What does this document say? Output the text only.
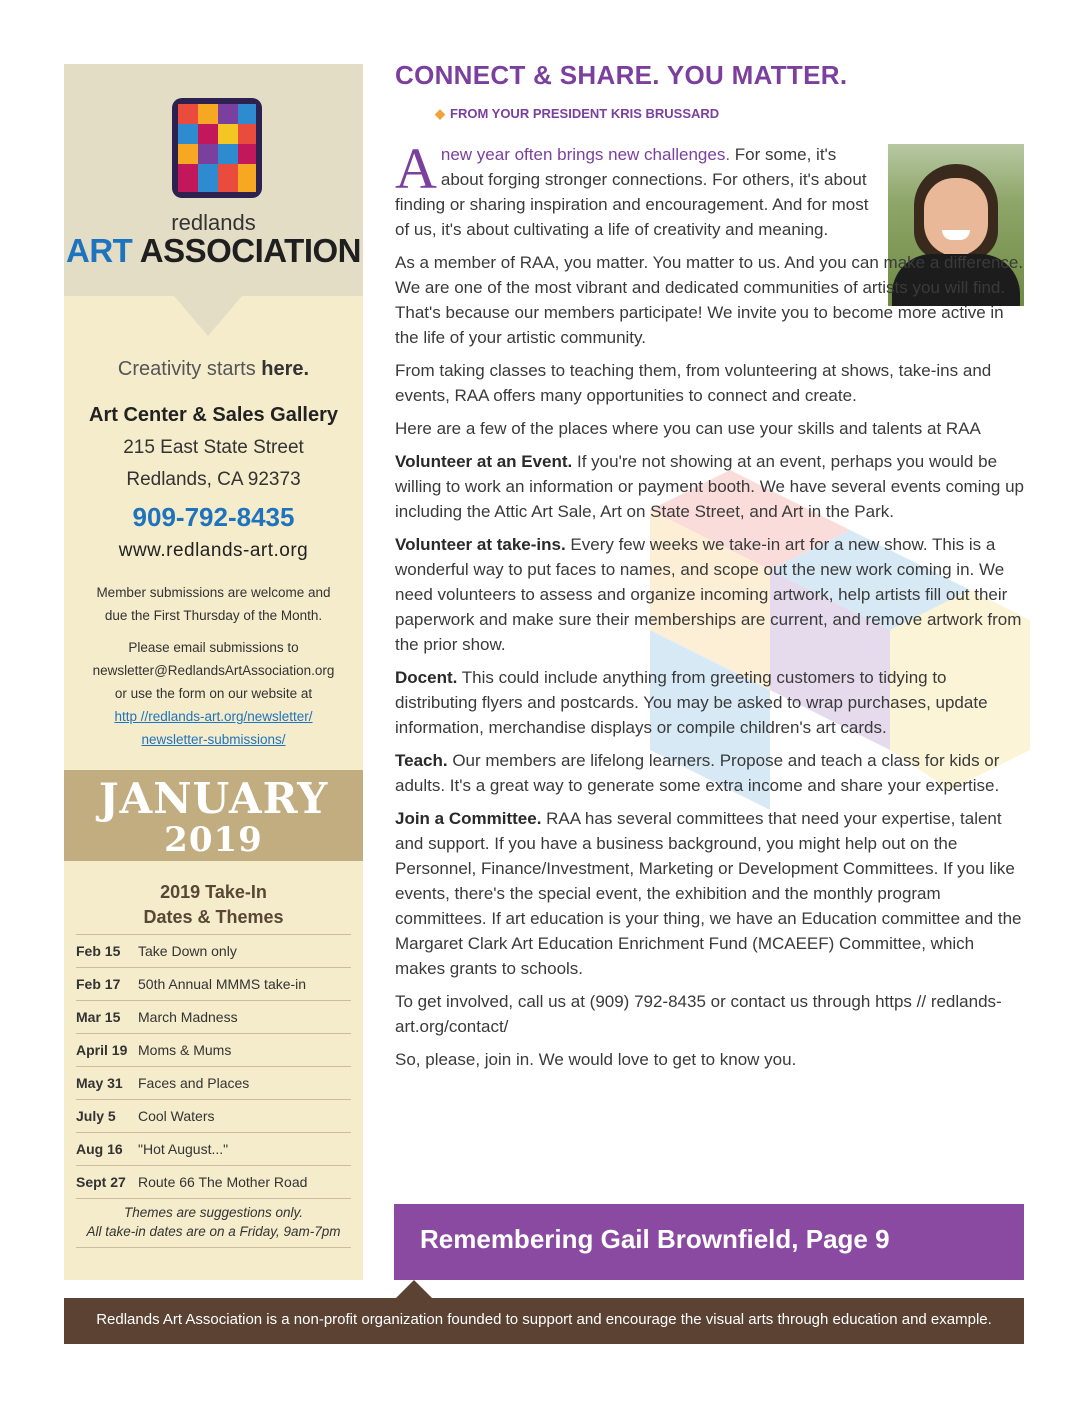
redlands
ART ASSOCIATION
Creativity starts here.
Art Center & Sales Gallery
215 East State Street
Redlands, CA 92373
909-792-8435
www.redlands-art.org
Member submissions are welcome and
due the First Thursday of the Month.
Please email submissions to
newsletter@RedlandsArtAssociation.org
or use the form on our website at
http //redlands-art.org/newsletter/
newsletter-submissions/
JANUARY
2019
2019 Take-In
Dates & Themes
Feb 15	Take Down only
Feb 17	50th Annual MMMS take-in
Mar 15	March Madness
April 19 Moms & Mums
May 31	Faces and Places
July 5	Cool Waters
Aug 16	"Hot August..."
Sept 27 Route 66 The Mother Road
Themes are suggestions only.
All take-in dates are on a Friday, 9am-7pm
CONNECT & SHARE. YOU MATTER.
◆ FROM YOUR PRESIDENT KRIS BRUSSARD

Anew year often brings new challenges. For some, it's about forging stronger connections. For others, it's about finding or sharing inspiration and encouragement. And for most of us, it's about cultivating a life of creativity and meaning.

As a member of RAA, you matter. You matter to us. And you can make a difference. We are one of the most vibrant and dedicated communities of artists you will find. That's because our members participate! We invite you to become more active in the life of your artistic community.

From taking classes to teaching them, from volunteering at shows, take-ins and events, RAA offers many opportunities to connect and create.

Here are a few of the places where you can use your skills and talents at RAA

Volunteer at an Event. If you're not showing at an event, perhaps you would be willing to work an information or payment booth. We have several events coming up including the Attic Art Sale, Art on State Street, and Art in the Park.

Volunteer at take-ins. Every few weeks we take-in art for a new show. This is a wonderful way to put faces to names, and scope out the new work coming in. We need volunteers to assess and organize incoming artwork, help artists fill out their paperwork and make sure their memberships are current, and remove artwork from the prior show.

Docent. This could include anything from greeting customers to tidying to distributing flyers and postcards. You may be asked to wrap purchases, update information, merchandise displays or compile children's art cards.

Teach. Our members are lifelong learners. Propose and teach a class for kids or adults. It's a great way to generate some extra income and share your expertise.

Join a Committee. RAA has several committees that need your expertise, talent and support. If you have a business background, you might help out on the Personnel, Finance/Investment, Marketing or Development Committees. If you like events, there's the special event, the exhibition and the monthly program committees. If art education is your thing, we have an Education committee and the Margaret Clark Art Education Enrichment Fund (MCAEEF) Committee, which makes grants to schools.

To get involved, call us at (909) 792-8435 or contact us through https // redlands-art.org/contact/

So, please, join in. We would love to get to know you.

Remembering Gail Brownfield, Page 9
Redlands Art Association is a non-profit organization founded to support and encourage the visual arts through education and example.
